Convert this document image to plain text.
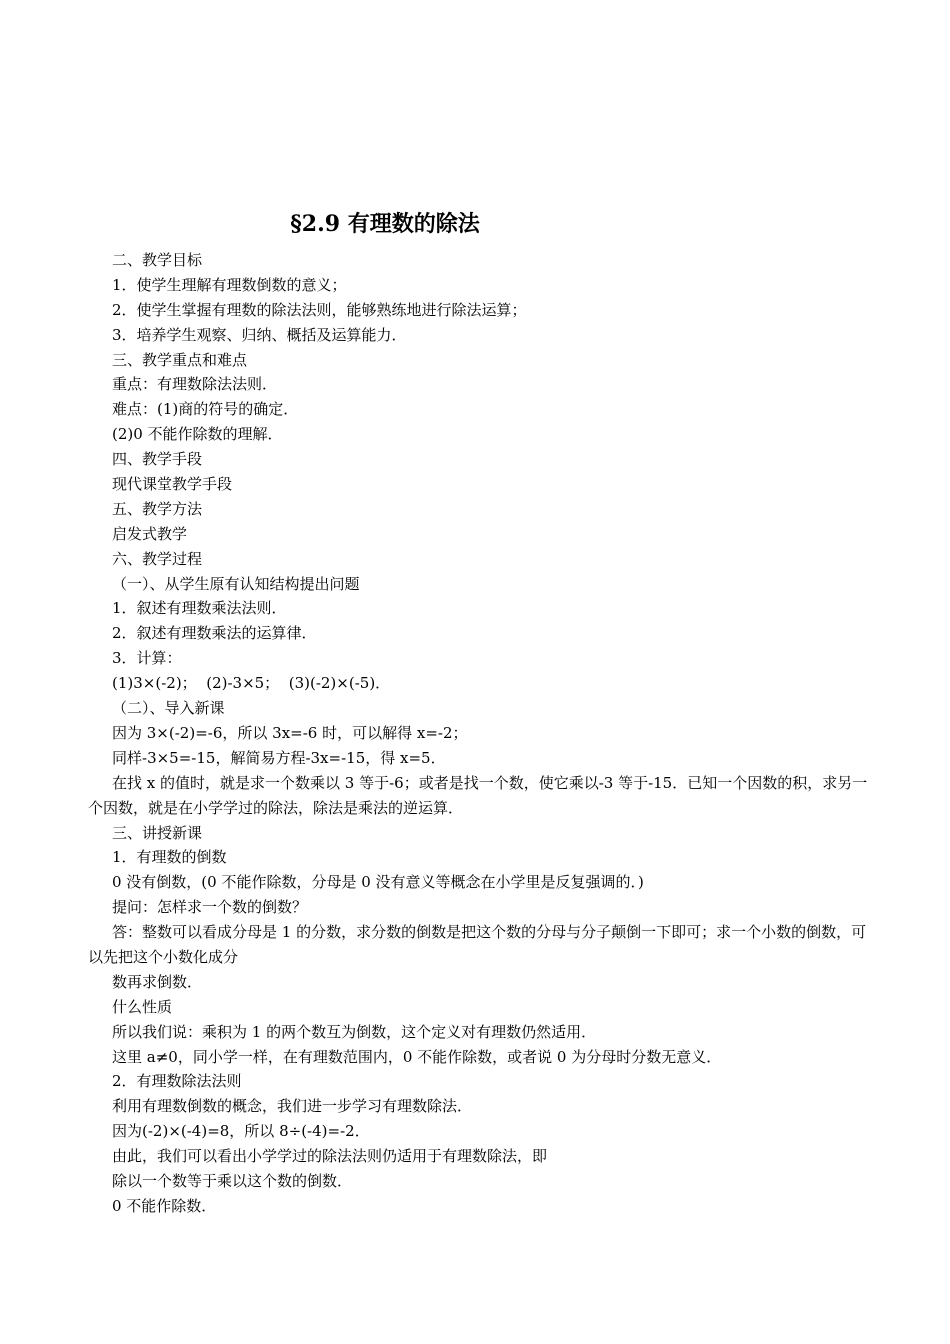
§2.9 有理数的除法
二、教学目标
1．使学生理解有理数倒数的意义；
2．使学生掌握有理数的除法法则，能够熟练地进行除法运算；
3．培养学生观察、归纳、概括及运算能力．
三、教学重点和难点
重点：有理数除法法则．
难点：(1)商的符号的确定．
(2)0 不能作除数的理解．
四、教学手段
现代课堂教学手段
五、教学方法
启发式教学
六、教学过程
（一）、从学生原有认知结构提出问题
1．叙述有理数乘法法则．
2．叙述有理数乘法的运算律．
3．计算：
(1)3×(-2)；  (2)-3×5；  (3)(-2)×(-5)．
（二）、导入新课
因为 3×(-2)=-6，所以 3x=-6 时，可以解得 x=-2；
同样-3×5=-15，解简易方程-3x=-15，得 x=5．
在找 x 的值时，就是求一个数乘以 3 等于-6；或者是找一个数，使它乘以-3 等于-15．已知一个因数的积，求另一个因数，就是在小学学过的除法，除法是乘法的逆运算．
三、讲授新课
1．有理数的倒数
0 没有倒数，(0 不能作除数，分母是 0 没有意义等概念在小学里是反复强调的．)
提问：怎样求一个数的倒数？
答：整数可以看成分母是 1 的分数，求分数的倒数是把这个数的分母与分子颠倒一下即可；求一个小数的倒数，可以先把这个小数化成分
数再求倒数．
什么性质
所以我们说：乘积为 1 的两个数互为倒数，这个定义对有理数仍然适用．
这里 a≠0，同小学一样，在有理数范围内，0 不能作除数，或者说 0 为分母时分数无意义．
2．有理数除法法则
利用有理数倒数的概念，我们进一步学习有理数除法．
因为(-2)×(-4)=8，所以 8÷(-4)=-2．
由此，我们可以看出小学学过的除法法则仍适用于有理数除法，即
除以一个数等于乘以这个数的倒数．
0 不能作除数．
